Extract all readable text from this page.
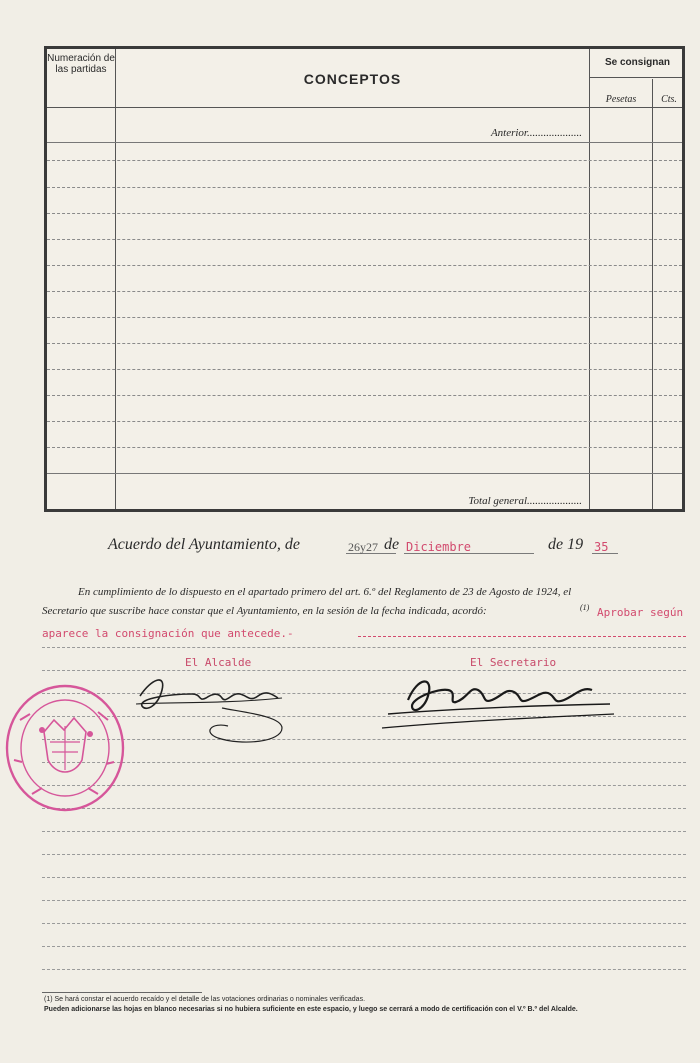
Numeración de las partidas
CONCEPTOS
Se consignan
Pesetas	Cts.
Anterior....................
Total general....................
Acuerdo del Ayuntamiento, de	26y27 de Diciembre	de 19 35
En cumplimiento de lo dispuesto en el apartado primero del art. 6.º del Reglamento de 23 de Agosto de 1924, el
Secretario que suscribe hace constar que el Ayuntamiento, en la sesión de la fecha indicada, acordó:	(1) Aprobar según
aparece la consignación que antecede.-
El Alcalde	El Secretario
(1) Se hará constar el acuerdo recaído y el detalle de las votaciones ordinarias o nominales verificadas.
Pueden adicionarse las hojas en blanco necesarias si no hubiera suficiente en este espacio, y luego se cerrará a modo de certificación con el V.º B.º del Alcalde.
